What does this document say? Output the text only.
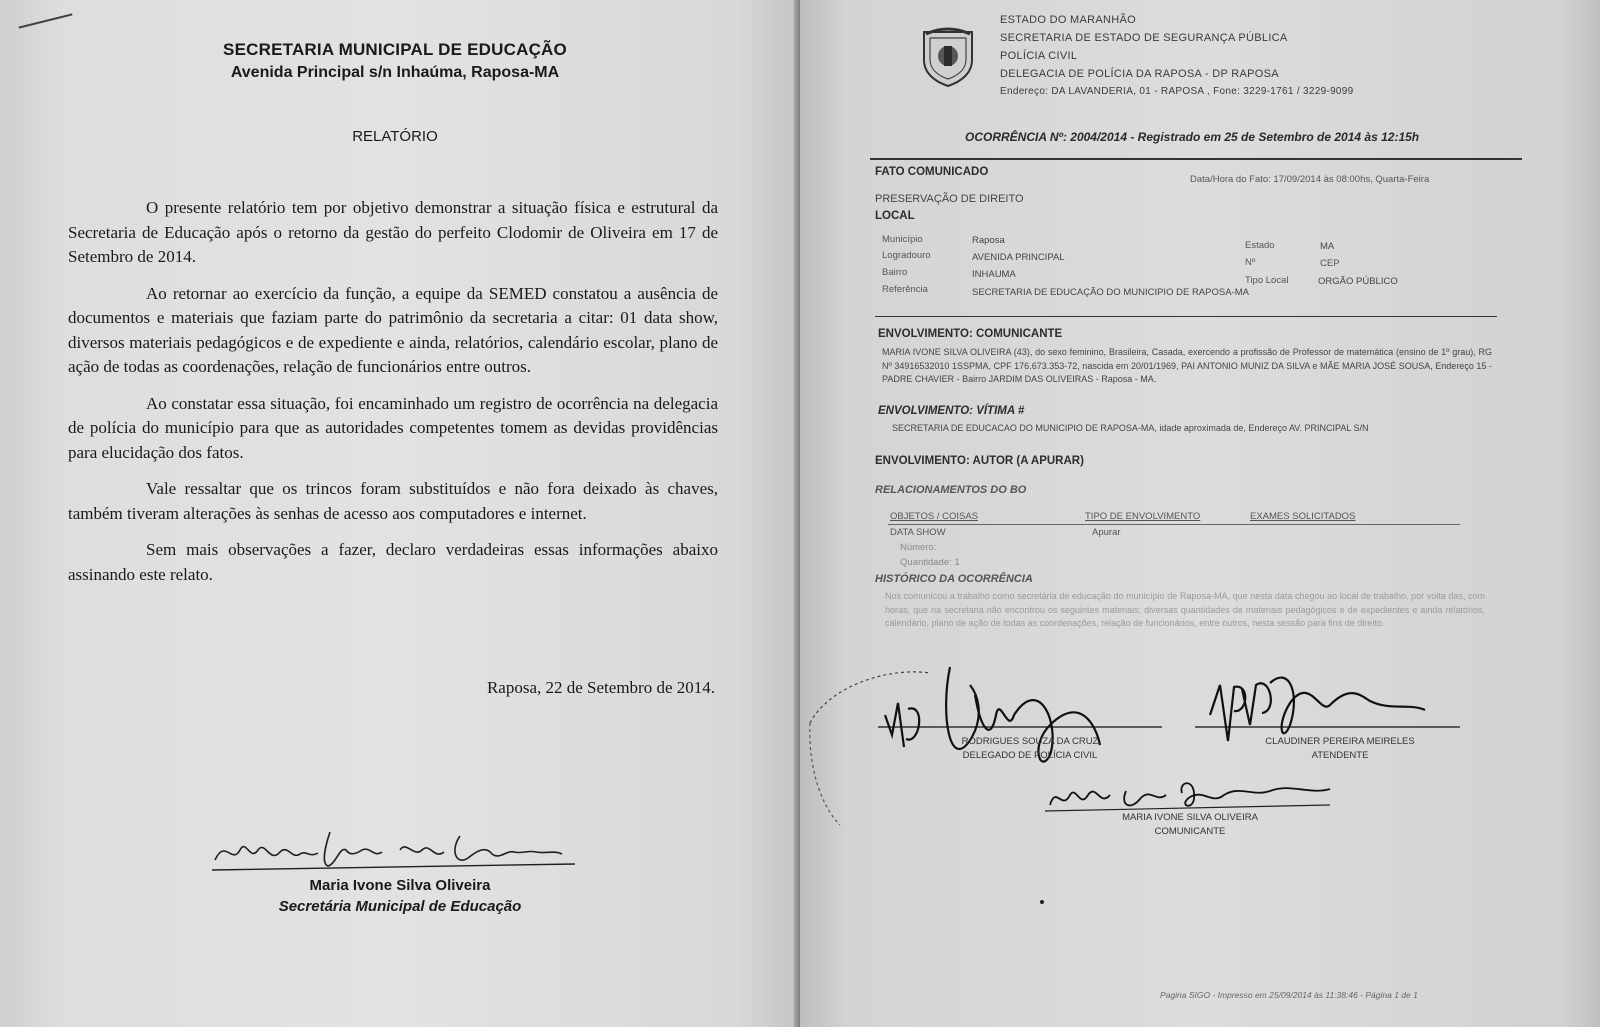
SECRETARIA MUNICIPAL DE EDUCAÇÃO
Avenida Principal s/n Inhaúma, Raposa-MA
RELATÓRIO

O presente relatório tem por objetivo demonstrar a situação física e estrutural da Secretaria de Educação após o retorno da gestão do perfeito Clodomir de Oliveira em 17 de Setembro de 2014.

Ao retornar ao exercício da função, a equipe da SEMED constatou a ausência de documentos e materiais que faziam parte do patrimônio da secretaria a citar: 01 data show, diversos materiais pedagógicos e de expediente e ainda, relatórios, calendário escolar, plano de ação de todas as coordenações, relação de funcionários entre outros.

Ao constatar essa situação, foi encaminhado um registro de ocorrência na delegacia de polícia do município para que as autoridades competentes tomem as devidas providências para elucidação dos fatos.

Vale ressaltar que os trincos foram substituídos e não fora deixado às chaves, também tiveram alterações às senhas de acesso aos computadores e internet.

Sem mais observações a fazer, declaro verdadeiras essas informações abaixo assinando este relato.

Raposa, 22 de Setembro de 2014.
Maria Ivone Silva Oliveira
Secretária Municipal de Educação
ESTADO DO MARANHÃO
SECRETARIA DE ESTADO DE SEGURANÇA PÚBLICA
POLÍCIA CIVIL
DELEGACIA DE POLÍCIA DA RAPOSA - DP RAPOSA
Endereço: DA LAVANDERIA, 01 - RAPOSA , Fone: 3229-1761 / 3229-9099
OCORRÊNCIA Nº: 2004/2014 - Registrado em 25 de Setembro de 2014 às 12:15h
FATO COMUNICADO
Data/Hora do Fato: 17/09/2014 às 08:00hs, Quarta-Feira
PRESERVAÇÃO DE DIREITO
LOCAL
Município	Raposa
Logradouro	AVENIDA PRINCIPAL
Bairro	INHAUMA
Referência	SECRETARIA DE EDUCAÇÃO DO MUNICIPIO DE RAPOSA-MA
Estado	MA
Nº	CEP
Tipo Local	ORGÃO PÚBLICO
ENVOLVIMENTO: COMUNICANTE
MARIA IVONE SILVA OLIVEIRA (43), do sexo feminino, Brasileira, Casada, exercendo a profissão de Professor de matemática (ensino de 1º grau), RG Nº 34916532010 1SSPMA, CPF 176.673.353-72, nascida em 20/01/1969, PAI ANTONIO MUNIZ DA SILVA e MÃE MARIA JOSÉ SOUSA, Endereço 15 - PADRE CHAVIER - Bairro JARDIM DAS OLIVEIRAS - Raposa - MA.
ENVOLVIMENTO: VÍTIMA #
SECRETARIA DE EDUCACAO DO MUNICIPIO DE RAPOSA-MA, idade aproximada de, Endereço AV. PRINCIPAL S/N
ENVOLVIMENTO: AUTOR (A APURAR)
RELACIONAMENTOS DO BO
OBJETOS / COISAS	TIPO DE ENVOLVIMENTO	EXAMES SOLICITADOS
DATA SHOW	Apurar
Número:
Quantidade: 1
HISTÓRICO DA OCORRÊNCIA
Nos comunicou a trabalho como secretária de educação do município de Raposa-MA, que nesta data chegou ao local de trabalho, por volta das, com horas, que na secretaria não encontrou os seguintes materiais: diversas quantidades de materiais pedagógicos e de expedientes e ainda relatórios, calendário, plano de ação de todas as coordenações, relação de funcionários, entre outros, nesta sessão para fins de direito.
RODRIGUES SOUZA DA CRUZ
DELEGADO DE POLÍCIA CIVIL
CLAUDINER PEREIRA MEIRELES
ATENDENTE
MARIA IVONE SILVA OLIVEIRA
COMUNICANTE
Pagina SIGO - Impresso em 25/09/2014 às 11:38:46 - Página 1 de 1
